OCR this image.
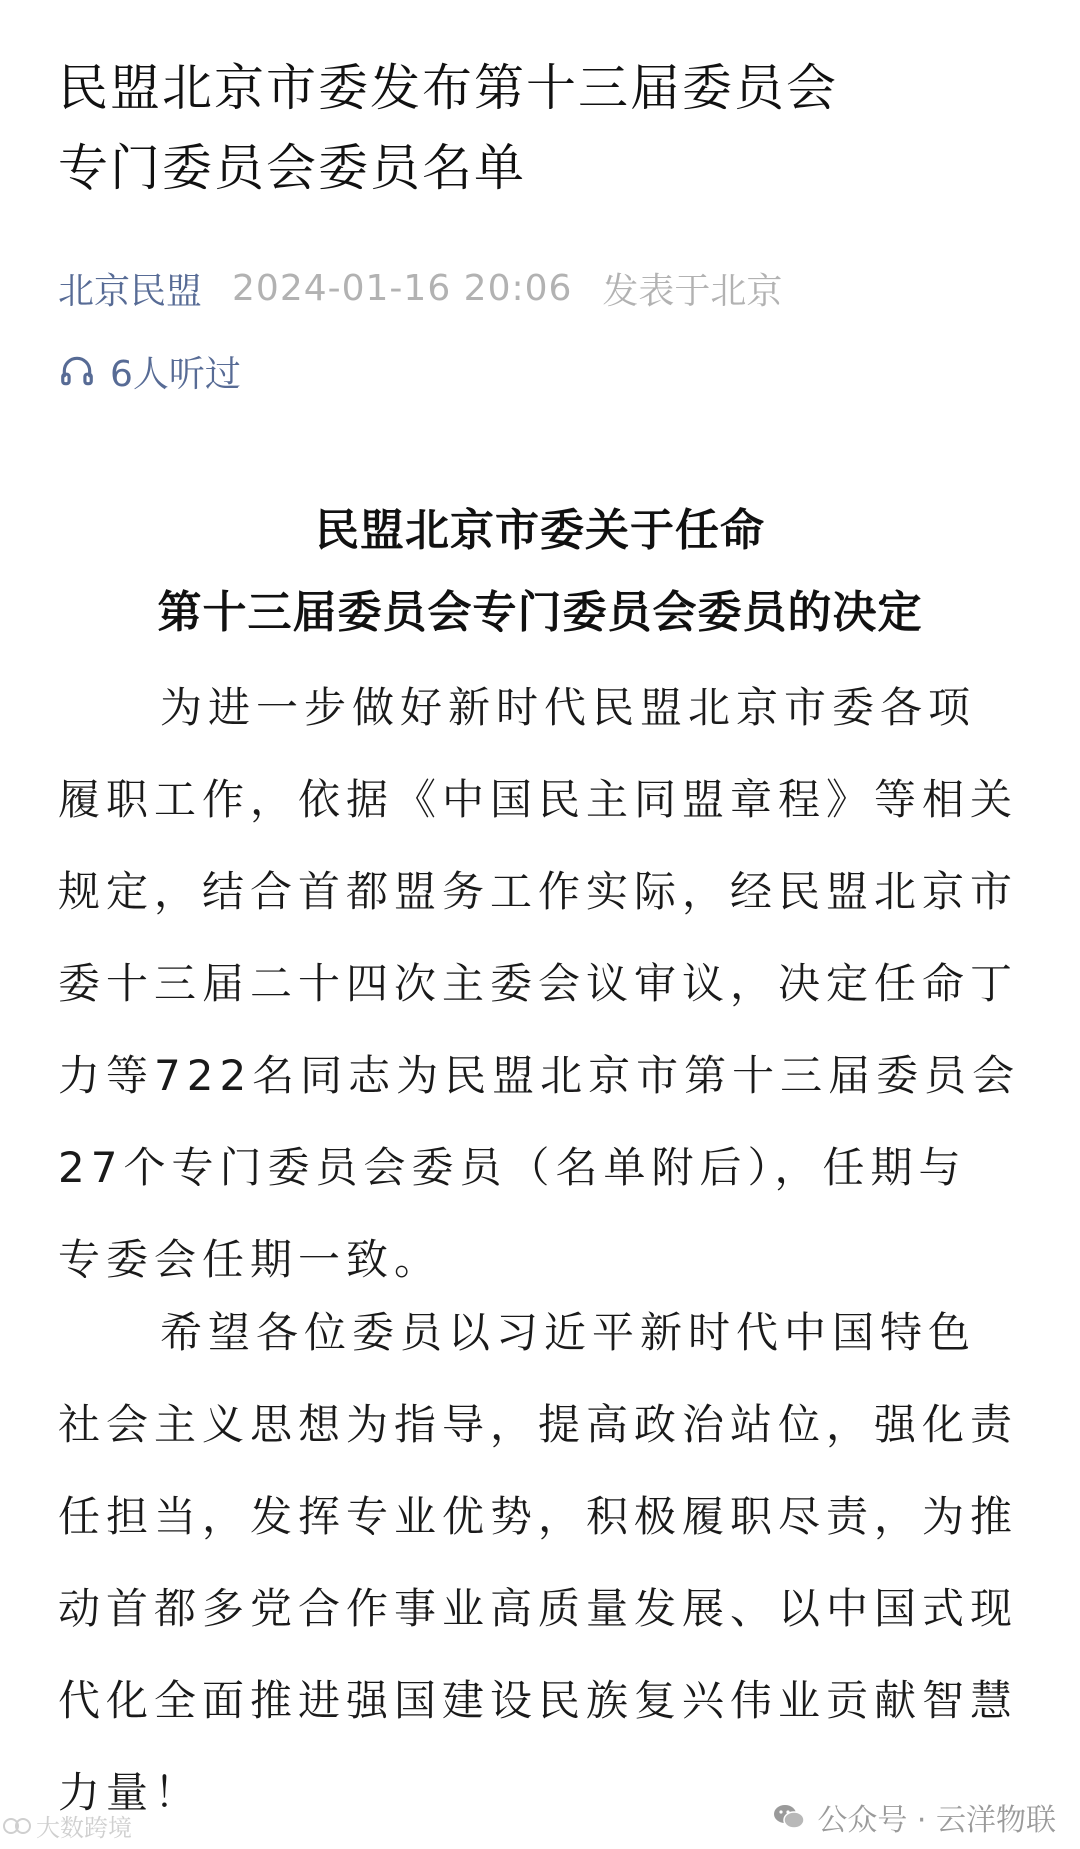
民盟北京市委发布第十三届委员会
专门委员会委员名单
北京民盟 2024-01-16 20:06 发表于北京
6人听过
民盟北京市委关于任命
第十三届委员会专门委员会委员的决定
为进一步做好新时代民盟北京市委各项
履职工作，依据《中国民主同盟章程》等相关
规定，结合首都盟务工作实际，经民盟北京市
委十三届二十四次主委会议审议，决定任命丁
力等722名同志为民盟北京市第十三届委员会
27个专门委员会委员（名单附后），任期与
专委会任期一致。
希望各位委员以习近平新时代中国特色
社会主义思想为指导，提高政治站位，强化责
任担当，发挥专业优势，积极履职尽责，为推
动首都多党合作事业高质量发展、以中国式现
代化全面推进强国建设民族复兴伟业贡献智慧
力量！
公众号 · 云洋物联
大数跨境
